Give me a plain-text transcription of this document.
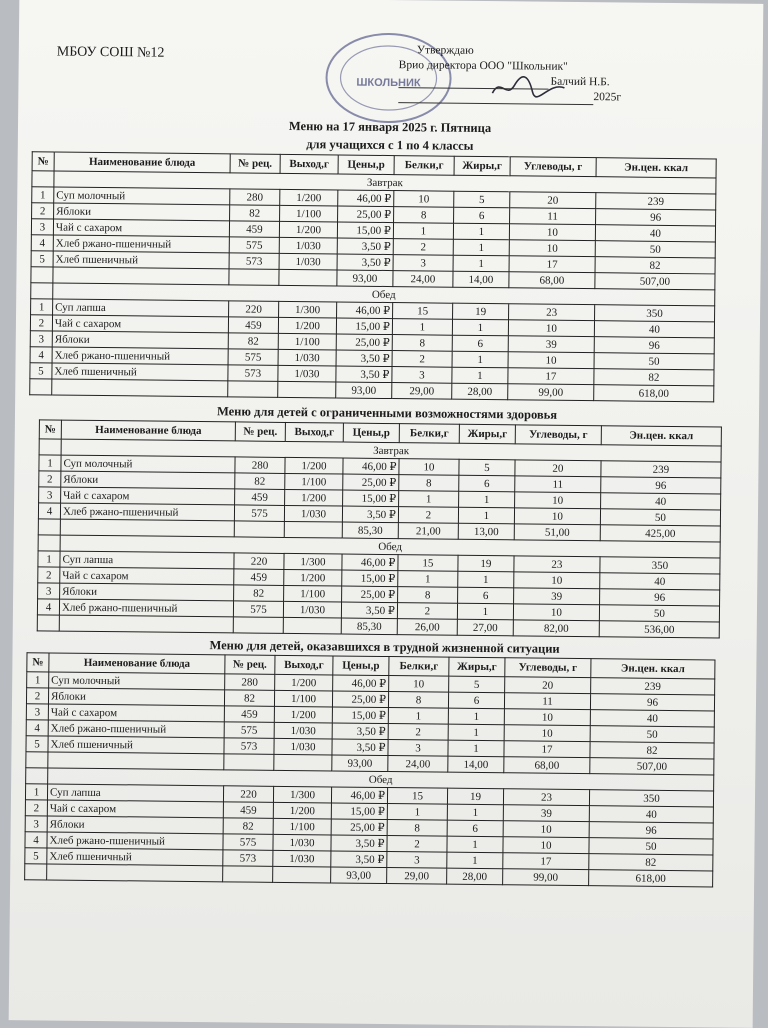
МБОУ СОШ №12
ШКОЛЬНИК
Утверждаю
Врио директора ООО "Школьник"
Балчий Н.Б.
2025г
Меню на 17 января 2025 г. Пятница
для учащихся с 1 по 4 классы
№	Наименование блюда	№ рец.	Выход,г	Цены,р	Белки,г	Жиры,г	Углеводы, г	Эн.цен. ккал
	Завтрак							
1	Суп молочный	280	1/200	46,00 ₽	10	5	20	239
2	Яблоки	82	1/100	25,00 ₽	8	6	11	96
3	Чай с сахаром	459	1/200	15,00 ₽	1	1	10	40
4	Хлеб ржано-пшеничный	575	1/030	3,50 ₽	2	1	10	50
5	Хлеб пшеничный	573	1/030	3,50 ₽	3	1	17	82
				93,00	24,00	14,00	68,00	507,00
	Обед							
1	Суп лапша	220	1/300	46,00 ₽	15	19	23	350
2	Чай с сахаром	459	1/200	15,00 ₽	1	1	10	40
3	Яблоки	82	1/100	25,00 ₽	8	6	39	96
4	Хлеб ржано-пшеничный	575	1/030	3,50 ₽	2	1	10	50
5	Хлеб пшеничный	573	1/030	3,50 ₽	3	1	17	82
				93,00	29,00	28,00	99,00	618,00
Меню для детей с ограниченными возможностями здоровья
№	Наименование блюда	№ рец.	Выход,г	Цены,р	Белки,г	Жиры,г	Углеводы, г	Эн.цен. ккал
	Завтрак							
1	Суп молочный	280	1/200	46,00 ₽	10	5	20	239
2	Яблоки	82	1/100	25,00 ₽	8	6	11	96
3	Чай с сахаром	459	1/200	15,00 ₽	1	1	10	40
4	Хлеб ржано-пшеничный	575	1/030	3,50 ₽	2	1	10	50
				85,30	21,00	13,00	51,00	425,00
	Обед							
1	Суп лапша	220	1/300	46,00 ₽	15	19	23	350
2	Чай с сахаром	459	1/200	15,00 ₽	1	1	10	40
3	Яблоки	82	1/100	25,00 ₽	8	6	39	96
4	Хлеб ржано-пшеничный	575	1/030	3,50 ₽	2	1	10	50
				85,30	26,00	27,00	82,00	536,00
Меню для детей, оказавшихся в трудной жизненной ситуации
№	Наименование блюда	№ рец.	Выход,г	Цены,р	Белки,г	Жиры,г	Углеводы, г	Эн.цен. ккал
1	Суп молочный	280	1/200	46,00 ₽	10	5	20	239
2	Яблоки	82	1/100	25,00 ₽	8	6	11	96
3	Чай с сахаром	459	1/200	15,00 ₽	1	1	10	40
4	Хлеб ржано-пшеничный	575	1/030	3,50 ₽	2	1	10	50
5	Хлеб пшеничный	573	1/030	3,50 ₽	3	1	17	82
				93,00	24,00	14,00	68,00	507,00
	Обед							
1	Суп лапша	220	1/300	46,00 ₽	15	19	23	350
2	Чай с сахаром	459	1/200	15,00 ₽	1	1	39	40
3	Яблоки	82	1/100	25,00 ₽	8	6	10	96
4	Хлеб ржано-пшеничный	575	1/030	3,50 ₽	2	1	10	50
5	Хлеб пшеничный	573	1/030	3,50 ₽	3	1	17	82
				93,00	29,00	28,00	99,00	618,00
